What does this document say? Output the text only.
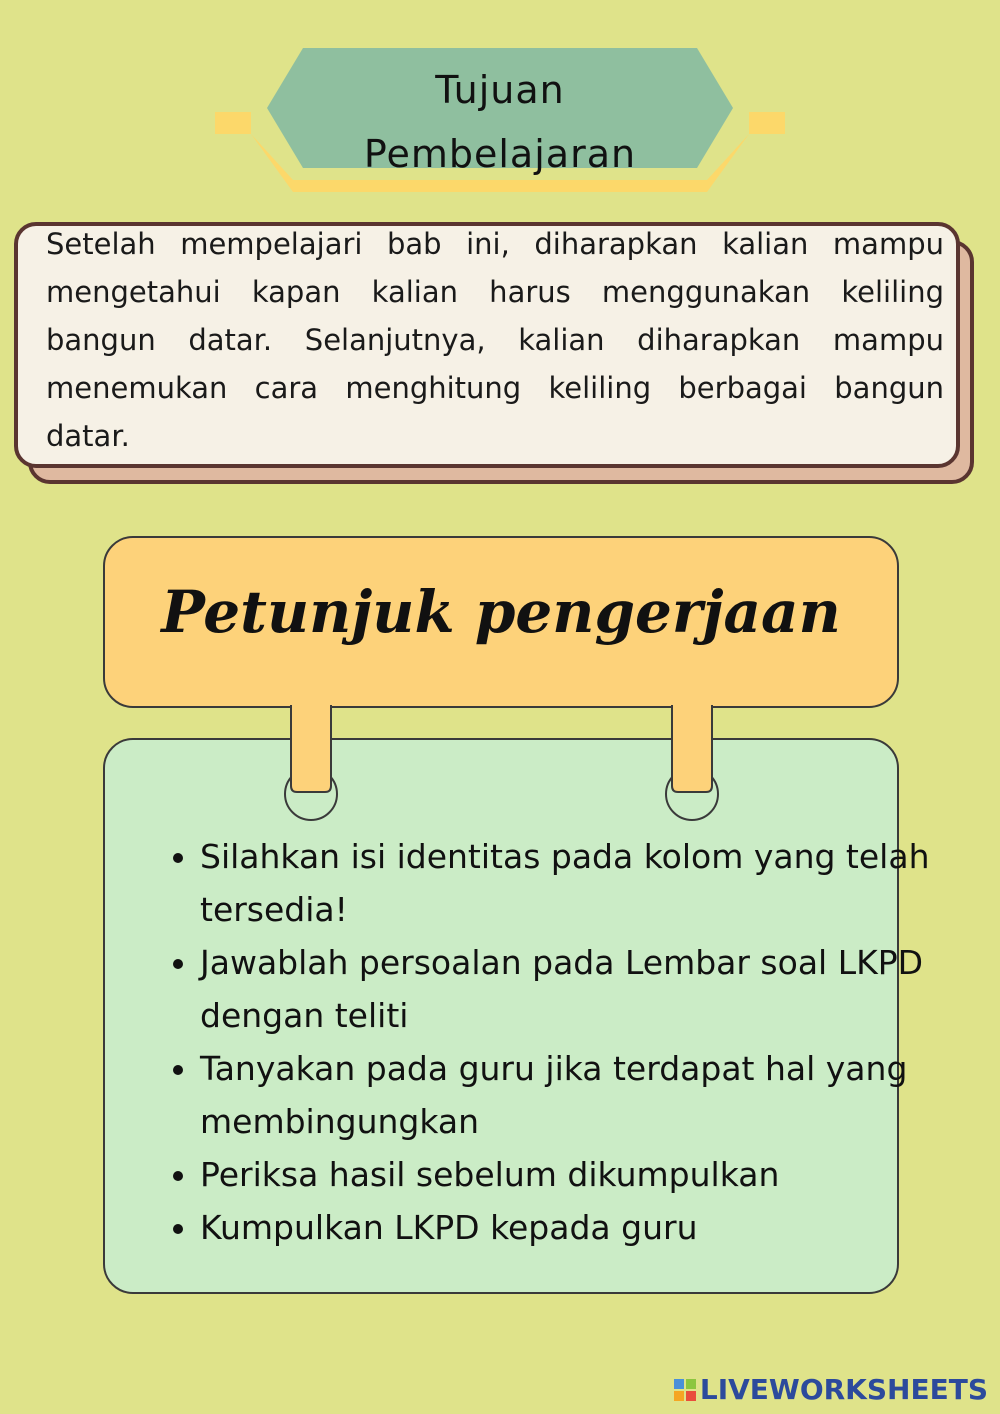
Tujuan
Pembelajaran

Setelah mempelajari bab ini, diharapkan kalian mampu mengetahui kapan kalian harus menggunakan keliling bangun datar. Selanjutnya, kalian diharapkan mampu menemukan cara menghitung keliling berbagai bangun datar.

Petunjuk pengerjaan
• Silahkan isi identitas pada kolom yang telah tersedia!
• Jawablah persoalan pada Lembar soal LKPD dengan teliti
• Tanyakan pada guru jika terdapat hal yang membingungkan
• Periksa hasil sebelum dikumpulkan
• Kumpulkan LKPD kepada guru
LIVEWORKSHEETS
